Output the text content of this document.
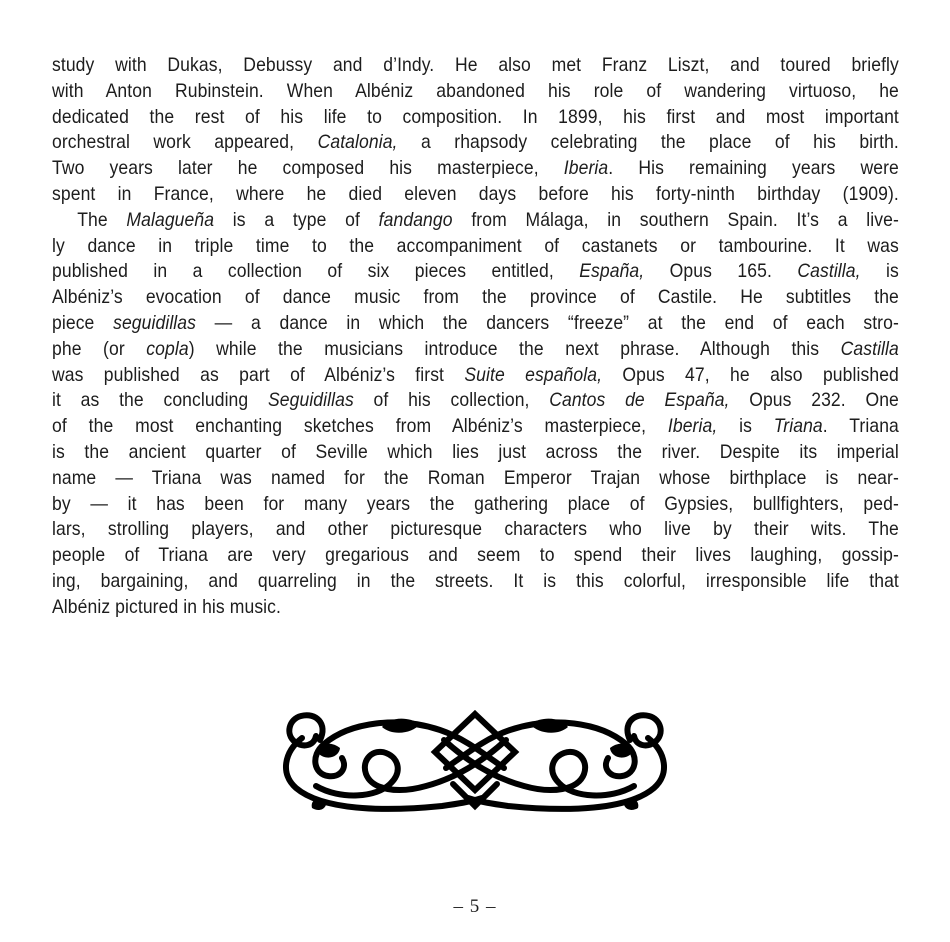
study with Dukas, Debussy and d’Indy. He also met Franz Liszt, and toured briefly
with Anton Rubinstein. When Albéniz abandoned his role of wandering virtuoso, he
dedicated the rest of his life to composition. In 1899, his first and most important
orchestral work appeared, Catalonia, a rhapsody celebrating the place of his birth.
Two years later he composed his masterpiece, Iberia. His remaining years were
spent in France, where he died eleven days before his forty-ninth birthday (1909).
The Malagueña is a type of fandango from Málaga, in southern Spain. It’s a live-
ly dance in triple time to the accompaniment of castanets or tambourine. It was
published in a collection of six pieces entitled, España, Opus 165. Castilla, is
Albéniz’s evocation of dance music from the province of Castile. He subtitles the
piece seguidillas — a dance in which the dancers “freeze” at the end of each stro-
phe (or copla) while the musicians introduce the next phrase. Although this Castilla
was published as part of Albéniz’s first Suite española, Opus 47, he also published
it as the concluding Seguidillas of his collection, Cantos de España, Opus 232. One
of the most enchanting sketches from Albéniz’s masterpiece, Iberia, is Triana. Triana
is the ancient quarter of Seville which lies just across the river. Despite its imperial
name — Triana was named for the Roman Emperor Trajan whose birthplace is near-
by — it has been for many years the gathering place of Gypsies, bullfighters, ped-
lars, strolling players, and other picturesque characters who live by their wits. The
people of Triana are very gregarious and seem to spend their lives laughing, gossip-
ing, bargaining, and quarreling in the streets. It is this colorful, irresponsible life that
Albéniz pictured in his music.
– 5 –
